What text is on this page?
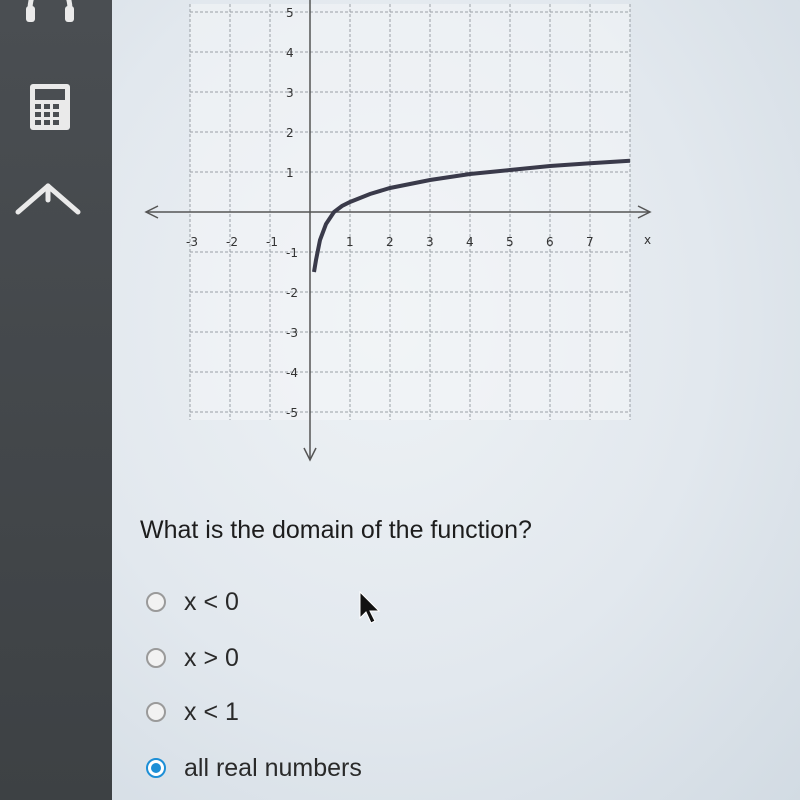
-3 -2 -1	1	2	3	4	5	6	7	x
5
4
3
2
1
-1
-2
-3
-4
-5
What is the domain of the function?
x < 0
x > 0
x < 1
all real numbers
